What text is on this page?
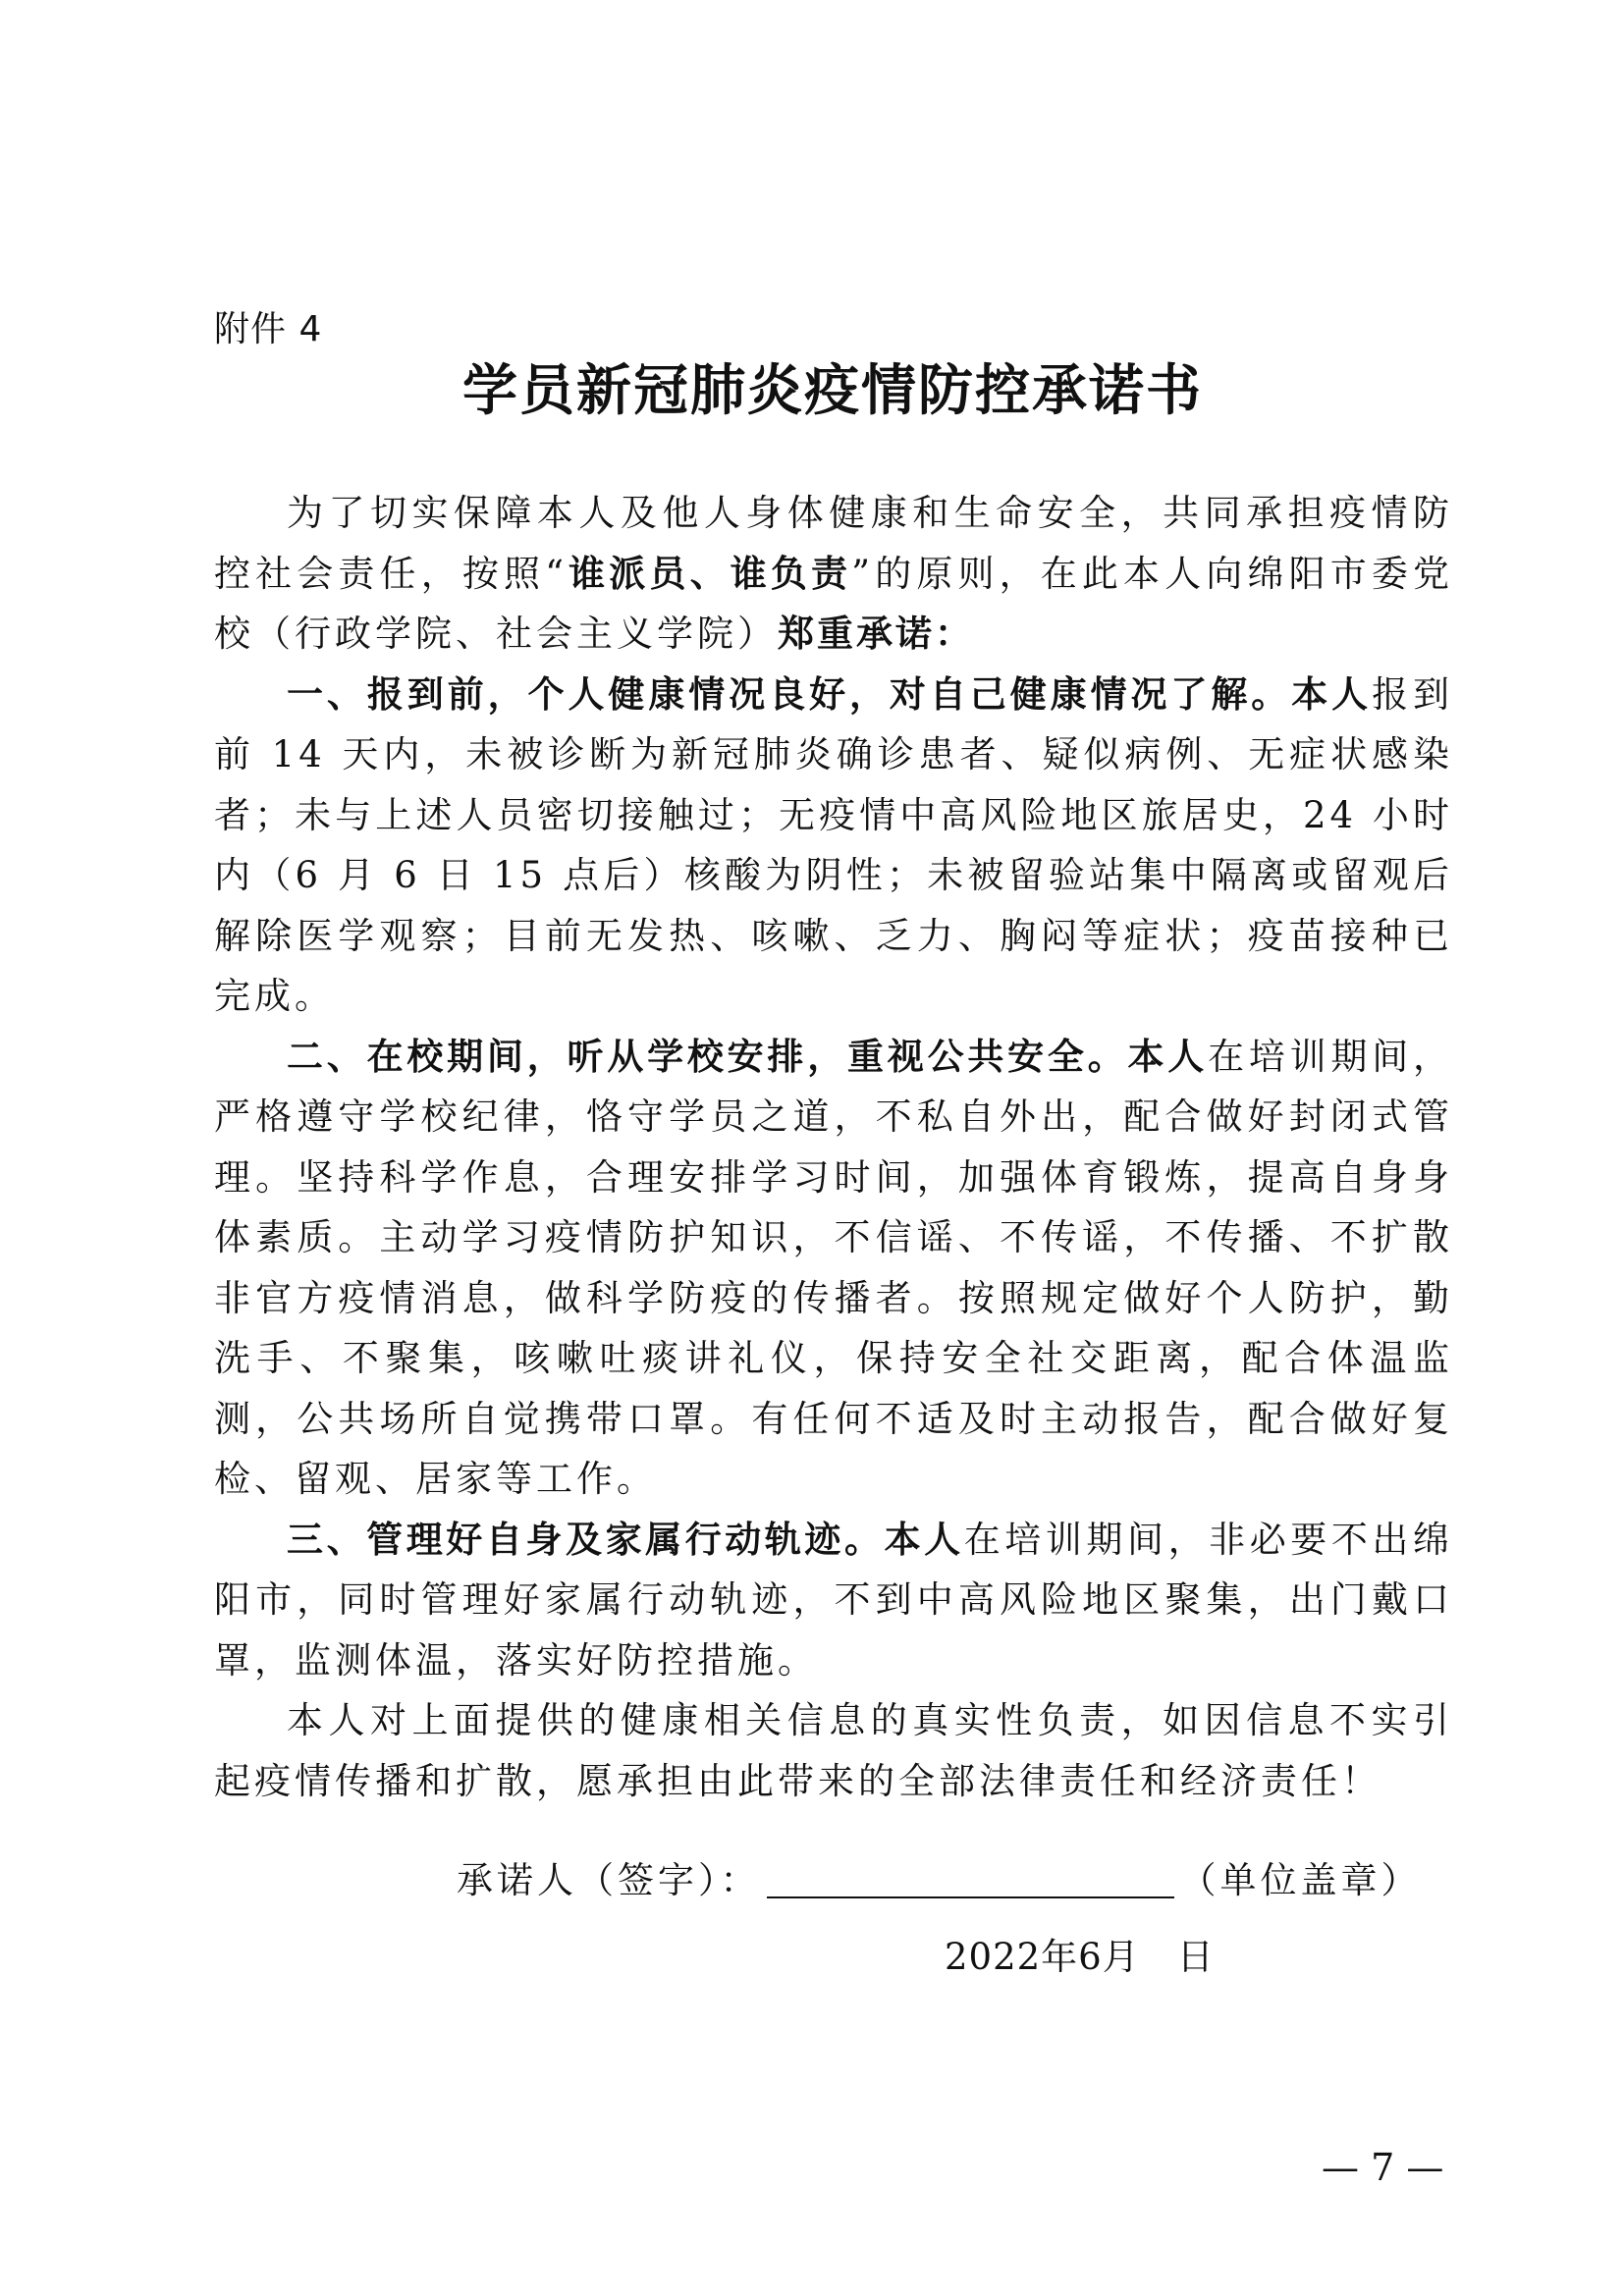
附件 4
学员新冠肺炎疫情防控承诺书

为了切实保障本人及他人身体健康和生命安全，共同承担疫情防控社会责任，按照“谁派员、谁负责”的原则，在此本人向绵阳市委党校（行政学院、社会主义学院）郑重承诺：

一、报到前，个人健康情况良好，对自己健康情况了解。本人报到前 14 天内，未被诊断为新冠肺炎确诊患者、疑似病例、无症状感染者；未与上述人员密切接触过；无疫情中高风险地区旅居史，24 小时内（6 月 6 日 15 点后）核酸为阴性；未被留验站集中隔离或留观后解除医学观察；目前无发热、咳嗽、乏力、胸闷等症状；疫苗接种已完成。

二、在校期间，听从学校安排，重视公共安全。本人在培训期间，严格遵守学校纪律，恪守学员之道，不私自外出，配合做好封闭式管理。坚持科学作息，合理安排学习时间，加强体育锻炼，提高自身身体素质。主动学习疫情防护知识，不信谣、不传谣，不传播、不扩散非官方疫情消息，做科学防疫的传播者。按照规定做好个人防护，勤洗手、不聚集，咳嗽吐痰讲礼仪，保持安全社交距离，配合体温监测，公共场所自觉携带口罩。有任何不适及时主动报告，配合做好复检、留观、居家等工作。

三、管理好自身及家属行动轨迹。本人在培训期间，非必要不出绵阳市，同时管理好家属行动轨迹，不到中高风险地区聚集，出门戴口罩，监测体温，落实好防控措施。

本人对上面提供的健康相关信息的真实性负责，如因信息不实引起疫情传播和扩散，愿承担由此带来的全部法律责任和经济责任！

承诺人（签字）：	（单位盖章）
2022年6月　日
— 7 —
